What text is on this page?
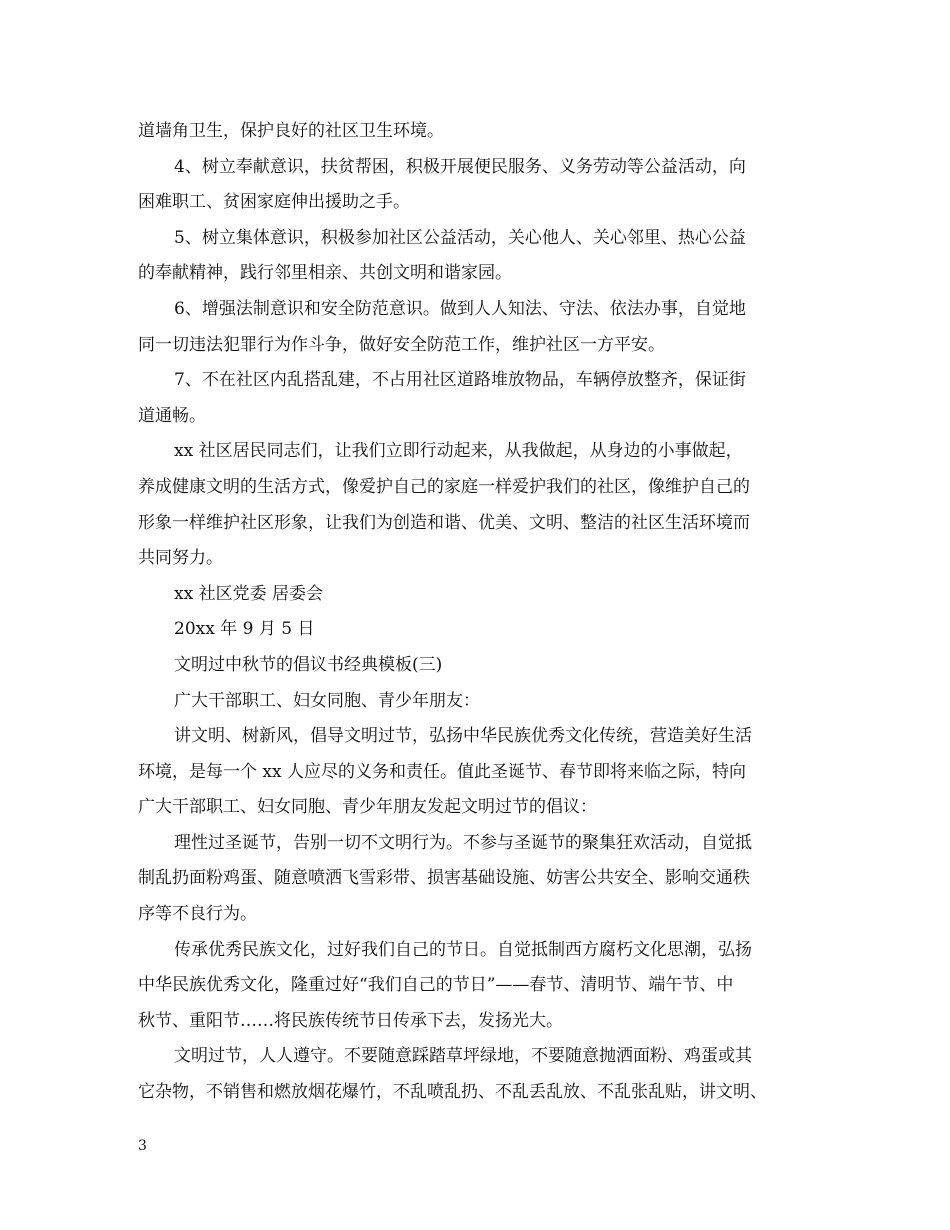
道墙角卫生，保护良好的社区卫生环境。
4、树立奉献意识，扶贫帮困，积极开展便民服务、义务劳动等公益活动，向
困难职工、贫困家庭伸出援助之手。
5、树立集体意识，积极参加社区公益活动，关心他人、关心邻里、热心公益
的奉献精神，践行邻里相亲、共创文明和谐家园。
6、增强法制意识和安全防范意识。做到人人知法、守法、依法办事，自觉地
同一切违法犯罪行为作斗争，做好安全防范工作，维护社区一方平安。
7、不在社区内乱搭乱建，不占用社区道路堆放物品，车辆停放整齐，保证街
道通畅。
xx 社区居民同志们，让我们立即行动起来，从我做起，从身边的小事做起，
养成健康文明的生活方式，像爱护自己的家庭一样爱护我们的社区，像维护自己的
形象一样维护社区形象，让我们为创造和谐、优美、文明、整洁的社区生活环境而
共同努力。
xx 社区党委 居委会
20xx 年 9 月 5 日
文明过中秋节的倡议书经典模板(三)
广大干部职工、妇女同胞、青少年朋友：
讲文明、树新风，倡导文明过节，弘扬中华民族优秀文化传统，营造美好生活
环境，是每一个 xx 人应尽的义务和责任。值此圣诞节、春节即将来临之际，特向
广大干部职工、妇女同胞、青少年朋友发起文明过节的倡议：
理性过圣诞节，告别一切不文明行为。不参与圣诞节的聚集狂欢活动，自觉抵
制乱扔面粉鸡蛋、随意喷洒飞雪彩带、损害基础设施、妨害公共安全、影响交通秩
序等不良行为。
传承优秀民族文化，过好我们自己的节日。自觉抵制西方腐朽文化思潮，弘扬
中华民族优秀文化，隆重过好“我们自己的节日”——春节、清明节、端午节、中
秋节、重阳节……将民族传统节日传承下去，发扬光大。
文明过节，人人遵守。不要随意踩踏草坪绿地，不要随意抛洒面粉、鸡蛋或其
它杂物，不销售和燃放烟花爆竹，不乱喷乱扔、不乱丢乱放、不乱张乱贴，讲文明、
3
